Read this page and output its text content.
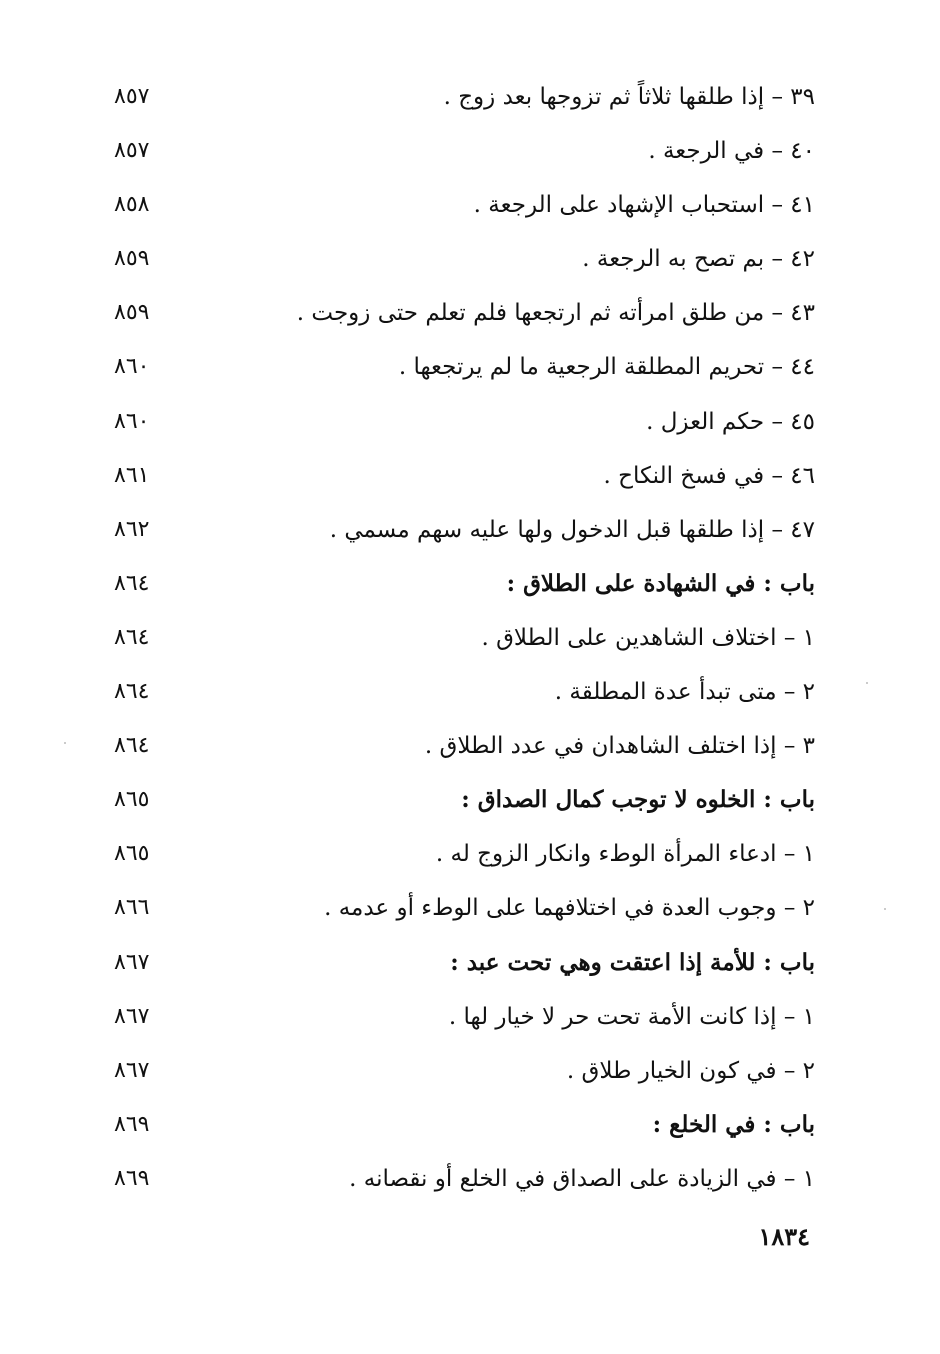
٣٩ – إذا طلقها ثلاثاً ثم تزوجها بعد زوج .
٨٥٧
٤٠ – في الرجعة .
٨٥٧
٤١ – استحباب الإشهاد على الرجعة .
٨٥٨
٤٢ – بم تصح به الرجعة .
٨٥٩
٤٣ – من طلق امرأته ثم ارتجعها فلم تعلم حتى زوجت .
٨٥٩
٤٤ – تحريم المطلقة الرجعية ما لم يرتجعها .
٨٦٠
٤٥ – حكم العزل .
٨٦٠
٤٦ – في فسخ النكاح .
٨٦١
٤٧ – إذا طلقها قبل الدخول ولها عليه سهم مسمي .
٨٦٢
باب : في الشهادة على الطلاق :
٨٦٤
١ – اختلاف الشاهدين على الطلاق .
٨٦٤
٢ – متى تبدأ عدة المطلقة .
٨٦٤
٣ – إذا اختلف الشاهدان في عدد الطلاق .
٨٦٤
باب : الخلوه لا توجب كمال الصداق :
٨٦٥
١ – ادعاء المرأة الوطء وانكار الزوج له .
٨٦٥
٢ – وجوب العدة في اختلافهما على الوطء أو عدمه .
٨٦٦
باب : للأمة إذا اعتقت وهي تحت عبد :
٨٦٧
١ – إذا كانت الأمة تحت حر لا خيار لها .
٨٦٧
٢ – في كون الخيار طلاق .
٨٦٧
باب : في الخلع :
٨٦٩
١ – في الزيادة على الصداق في الخلع أو نقصانه .
٨٦٩
١٨٣٤
